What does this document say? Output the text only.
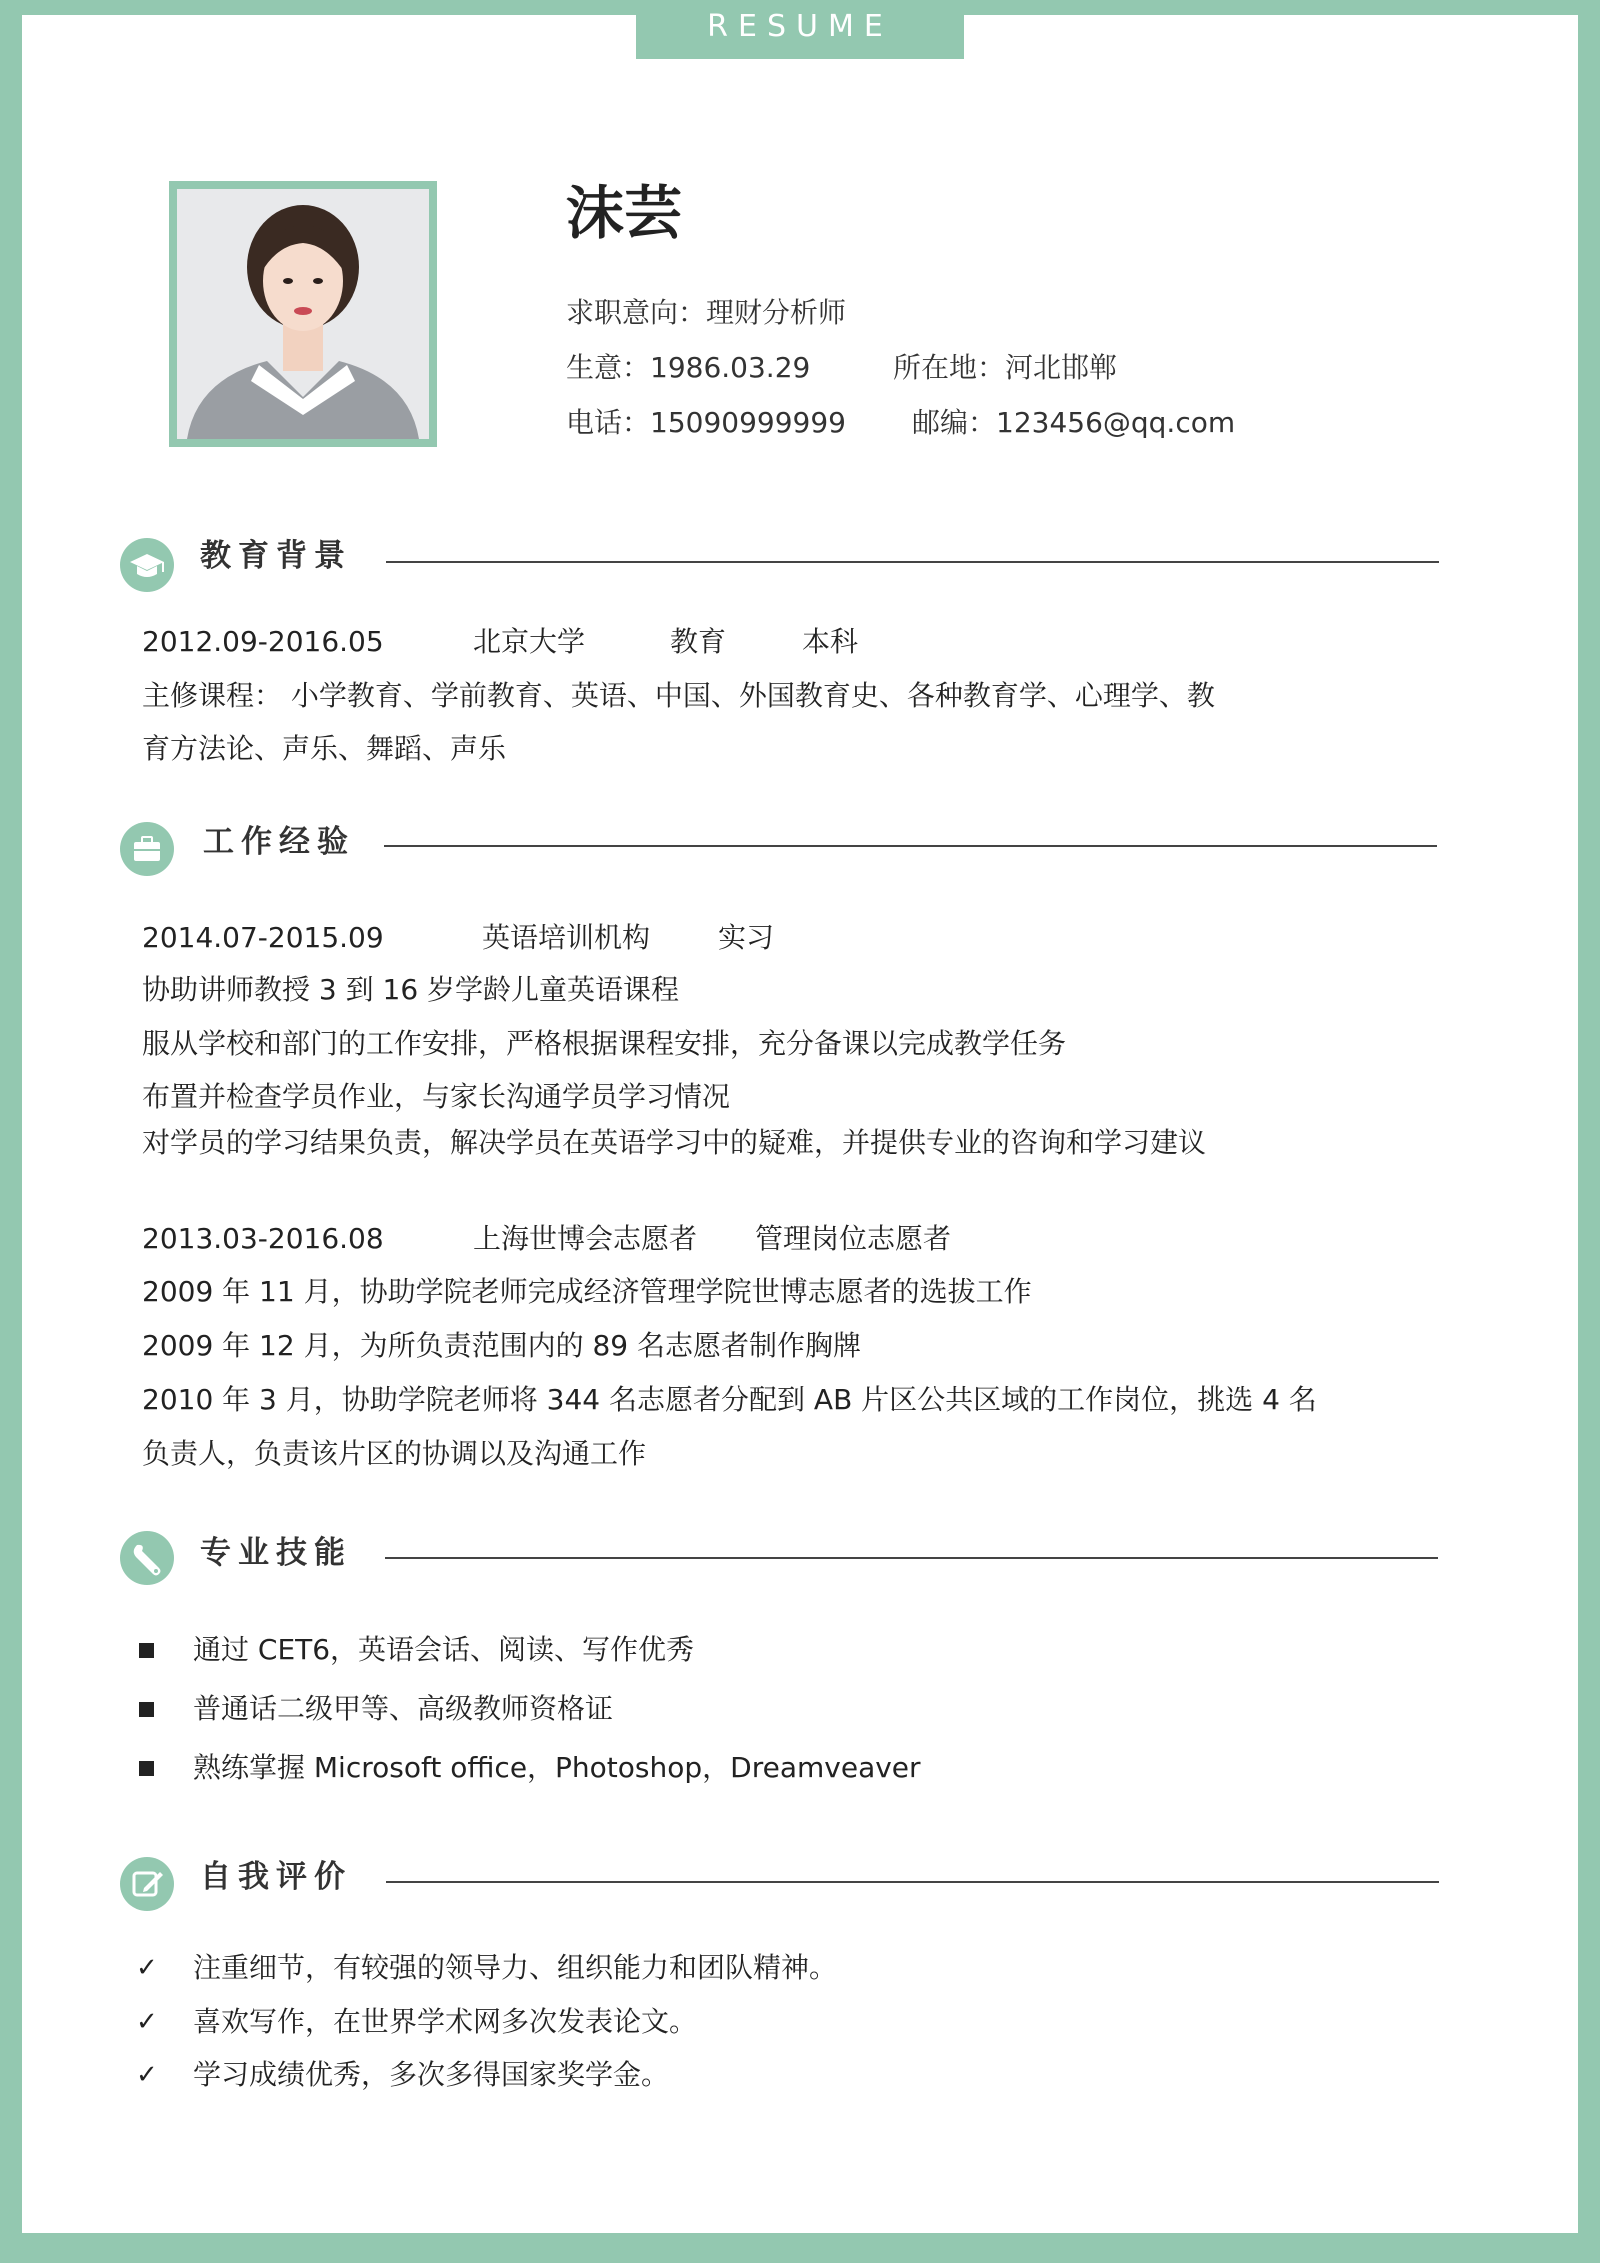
RESUME
沫芸
求职意向：理财分析师
生意：1986.03.29	所在地：河北邯郸
电话：15090999999 邮编：123456@qq.com
教育背景
2012.09-2016.05	北京大学	教育	本科
主修课程： 小学教育、学前教育、英语、中国、外国教育史、各种教育学、心理学、教
育方法论、声乐、舞蹈、声乐
工作经验
2014.07-2015.09	英语培训机构 实习
协助讲师教授 3 到 16 岁学龄儿童英语课程
服从学校和部门的工作安排，严格根据课程安排，充分备课以完成教学任务
布置并检查学员作业，与家长沟通学员学习情况
对学员的学习结果负责，解决学员在英语学习中的疑难，并提供专业的咨询和学习建议
2013.03-2016.08	上海世博会志愿者 管理岗位志愿者
2009 年 11 月，协助学院老师完成经济管理学院世博志愿者的选拔工作
2009 年 12 月，为所负责范围内的 89 名志愿者制作胸牌
2010 年 3 月，协助学院老师将 344 名志愿者分配到 AB 片区公共区域的工作岗位，挑选 4 名
负责人，负责该片区的协调以及沟通工作
专业技能
通过 CET6，英语会话、阅读、写作优秀
普通话二级甲等、高级教师资格证
熟练掌握 Microsoft office，Photoshop，Dreamveaver
自我评价
✓ 注重细节，有较强的领导力、组织能力和团队精神。
✓ 喜欢写作，在世界学术网多次发表论文。
✓ 学习成绩优秀，多次多得国家奖学金。
